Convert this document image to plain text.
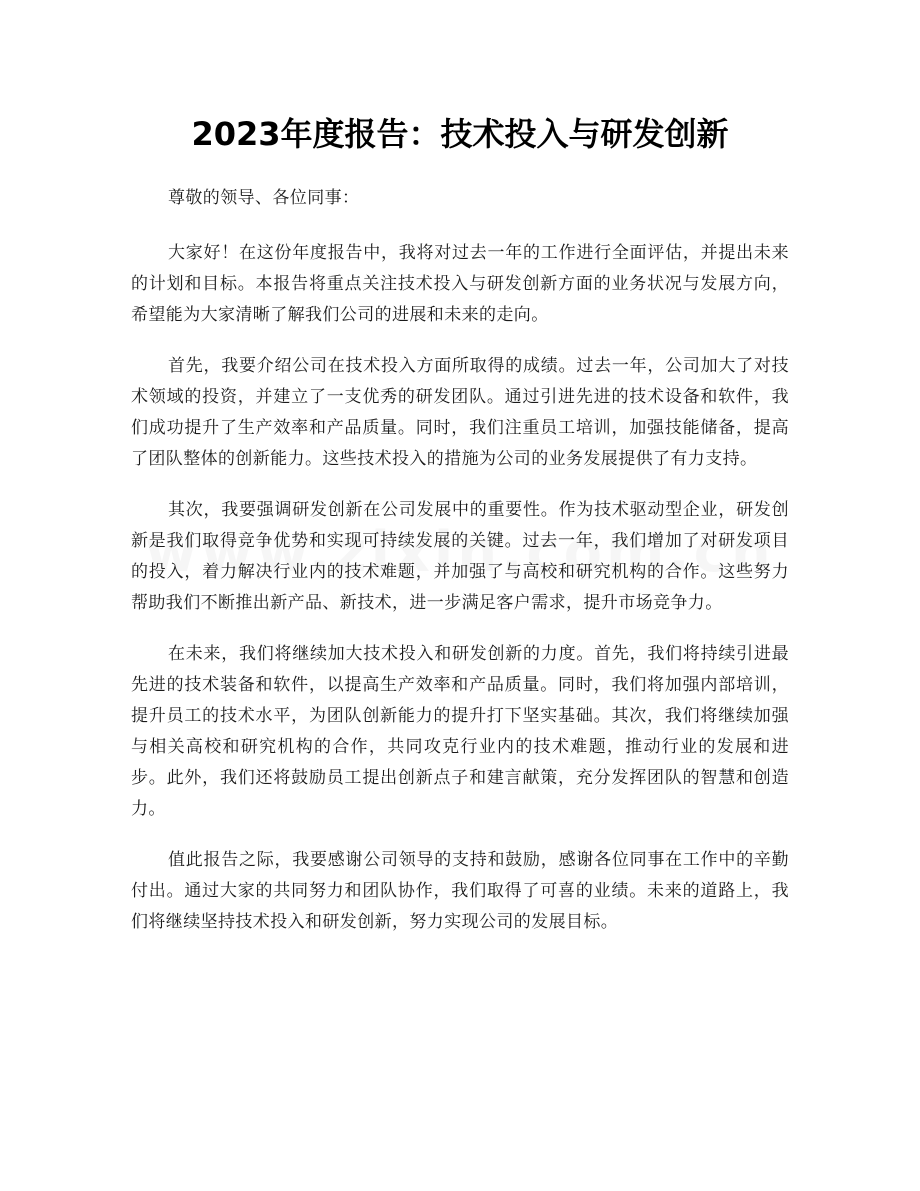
2023年度报告：技术投入与研发创新

尊敬的领导、各位同事：

大家好！在这份年度报告中，我将对过去一年的工作进行全面评估，并提出未来的计划和目标。本报告将重点关注技术投入与研发创新方面的业务状况与发展方向，希望能为大家清晰了解我们公司的进展和未来的走向。

首先，我要介绍公司在技术投入方面所取得的成绩。过去一年，公司加大了对技术领域的投资，并建立了一支优秀的研发团队。通过引进先进的技术设备和软件，我们成功提升了生产效率和产品质量。同时，我们注重员工培训，加强技能储备，提高了团队整体的创新能力。这些技术投入的措施为公司的业务发展提供了有力支持。

其次，我要强调研发创新在公司发展中的重要性。作为技术驱动型企业，研发创新是我们取得竞争优势和实现可持续发展的关键。过去一年，我们增加了对研发项目的投入，着力解决行业内的技术难题，并加强了与高校和研究机构的合作。这些努力帮助我们不断推出新产品、新技术，进一步满足客户需求，提升市场竞争力。

在未来，我们将继续加大技术投入和研发创新的力度。首先，我们将持续引进最先进的技术装备和软件，以提高生产效率和产品质量。同时，我们将加强内部培训，提升员工的技术水平，为团队创新能力的提升打下坚实基础。其次，我们将继续加强与相关高校和研究机构的合作，共同攻克行业内的技术难题，推动行业的发展和进步。此外，我们还将鼓励员工提出创新点子和建言献策，充分发挥团队的智慧和创造力。

值此报告之际，我要感谢公司领导的支持和鼓励，感谢各位同事在工作中的辛勤付出。通过大家的共同努力和团队协作，我们取得了可喜的业绩。未来的道路上，我们将继续坚持技术投入和研发创新，努力实现公司的发展目标。
